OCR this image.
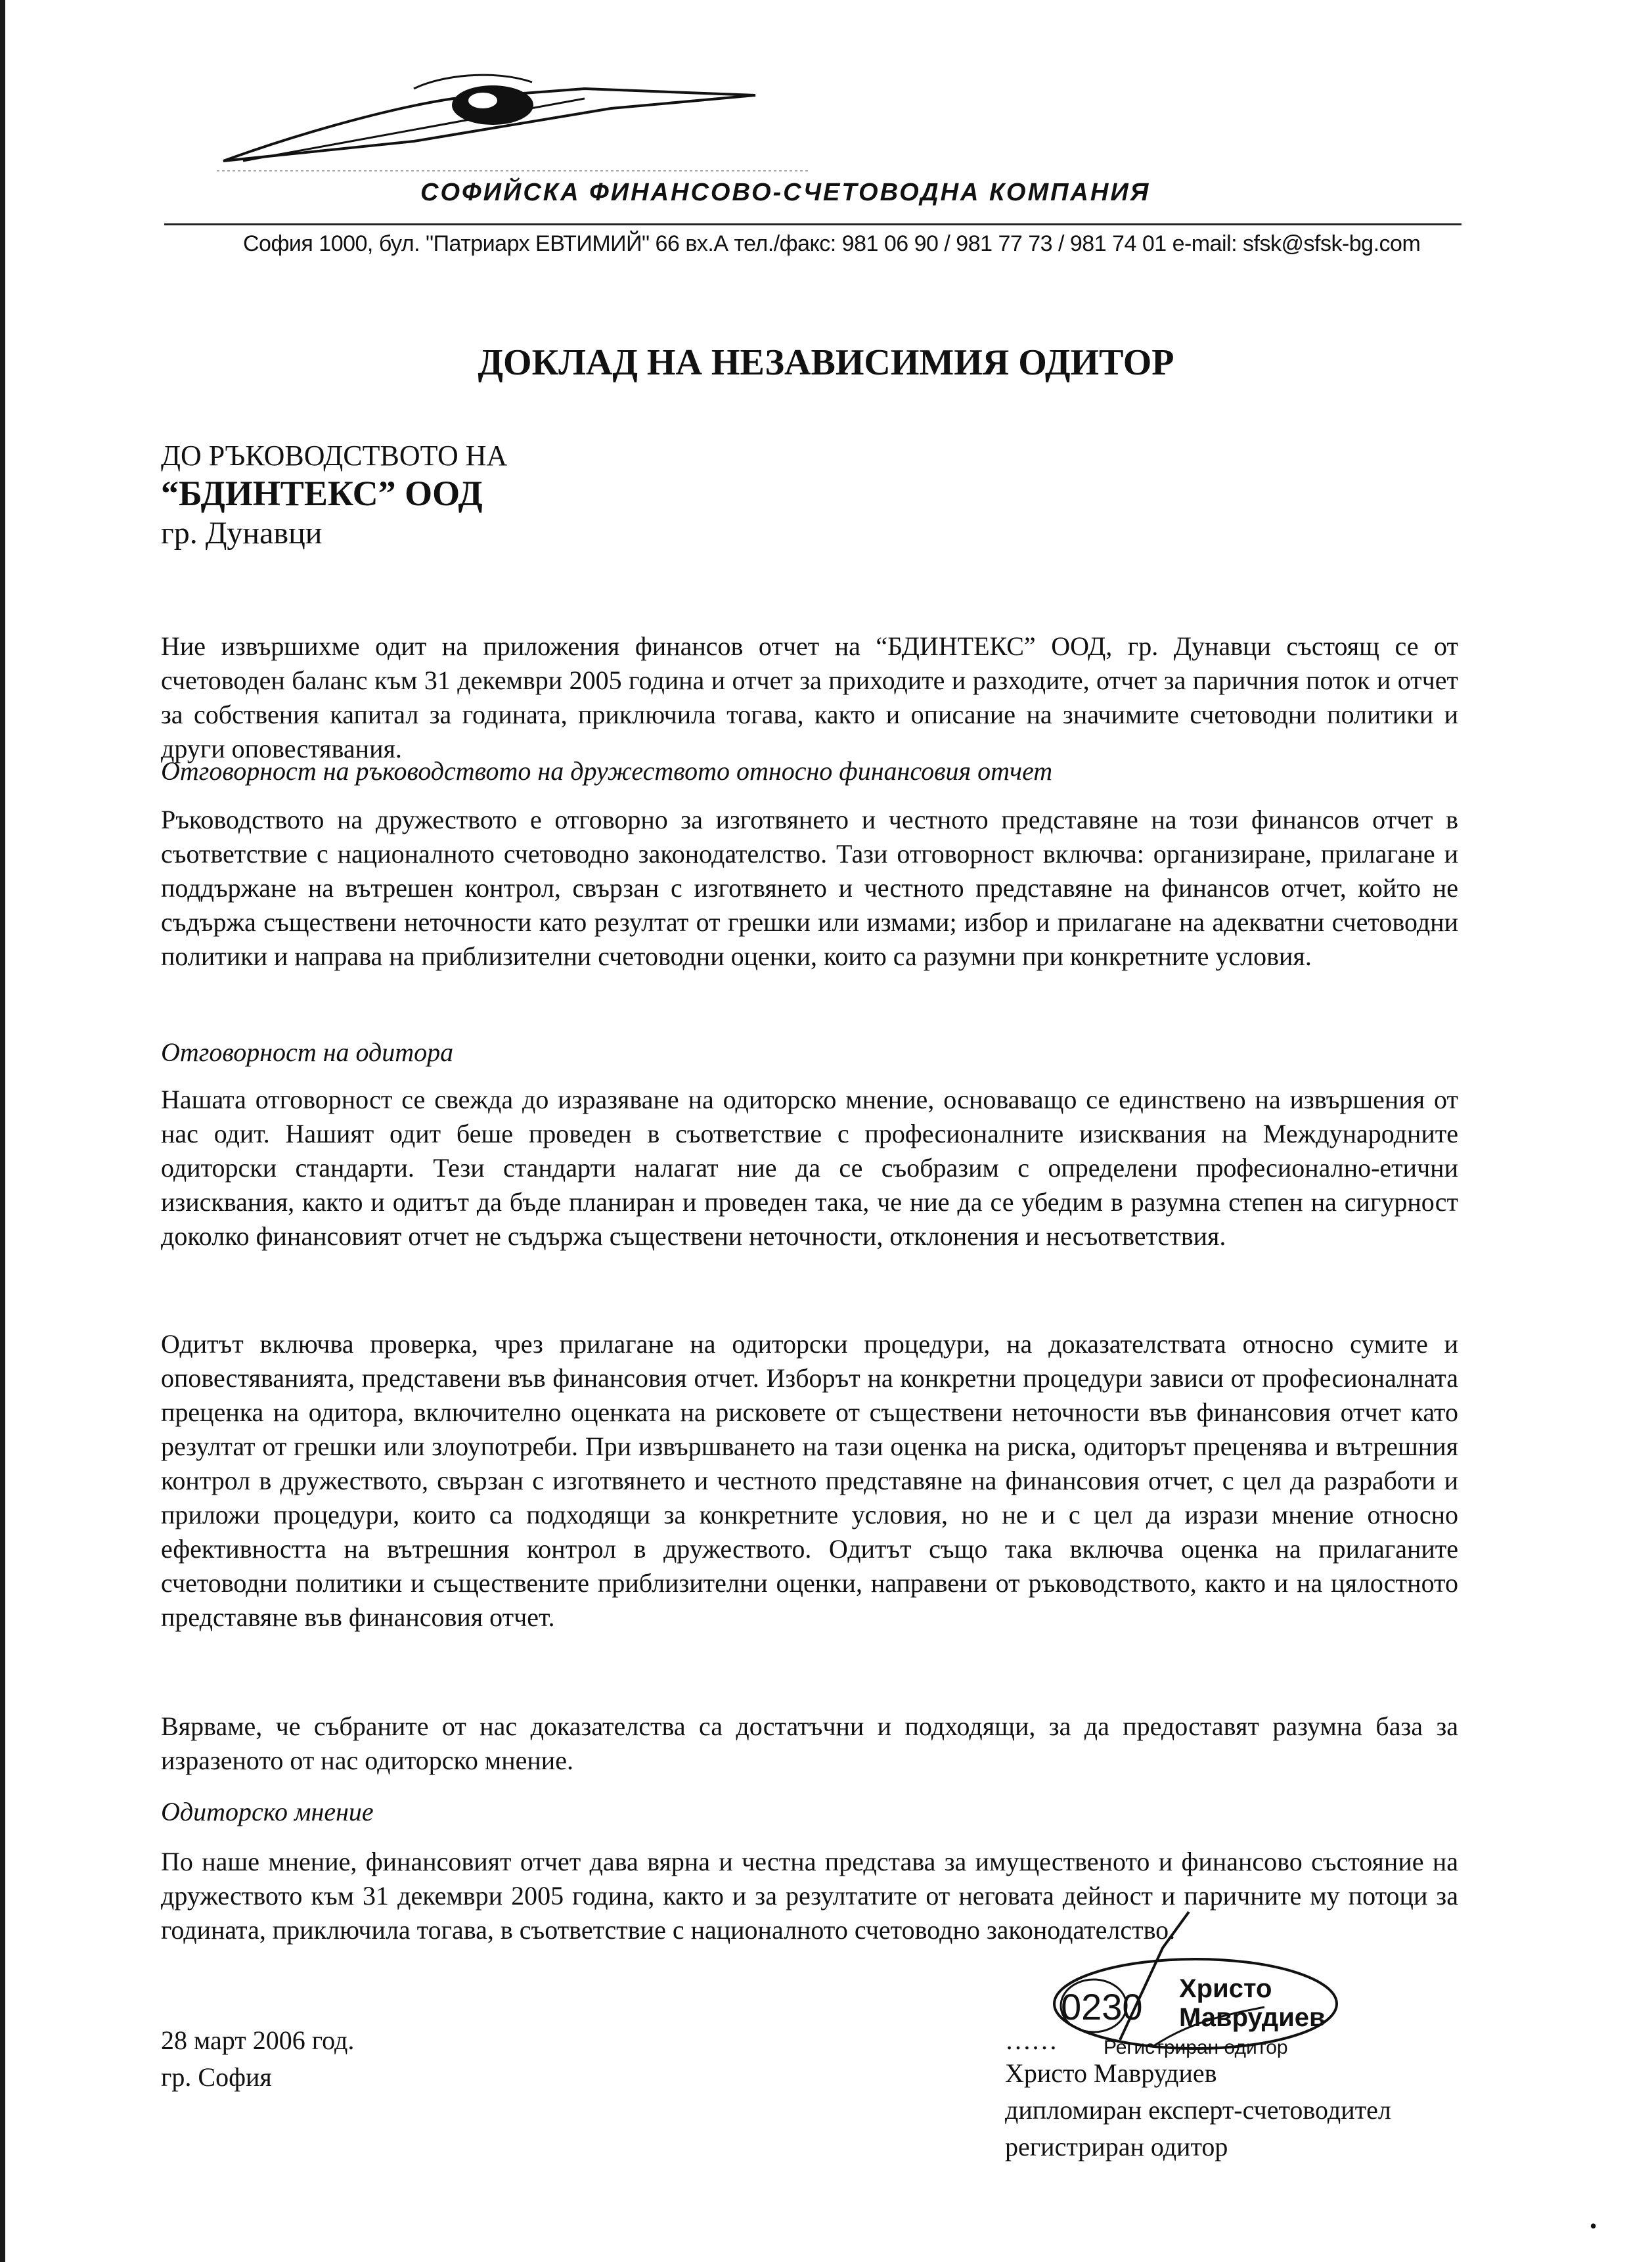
СОФИЙСКА ФИНАНСОВО-СЧЕТОВОДНА КОМПАНИЯ
София 1000, бул. "Патриарх ЕВТИМИЙ" 66 вх.А тел./факс: 981 06 90 / 981 77 73 / 981 74 01 e-mail: sfsk@sfsk-bg.com
ДОКЛАД НА НЕЗАВИСИМИЯ ОДИТОР
ДО РЪКОВОДСТВОТО НА
“БДИНТЕКС” ООД
гр. Дунавци

Ние извършихме одит на приложения финансов отчет на “БДИНТЕКС” ООД, гр. Дунавци състоящ се от счетоводен баланс към 31 декември 2005 година и отчет за приходите и разходите, отчет за паричния поток и отчет за собствения капитал за годината, приключила тогава, както и описание на значимите счетоводни политики и други оповестявания.

Отговорност на ръководството на дружеството относно финансовия отчет

Ръководството на дружеството е отговорно за изготвянето и честното представяне на този финансов отчет в съответствие с националното счетоводно законодателство. Тази отговорност включва: организиране, прилагане и поддържане на вътрешен контрол, свързан с изготвянето и честното представяне на финансов отчет, който не съдържа съществени неточности като резултат от грешки или измами; избор и прилагане на адекватни счетоводни политики и направа на приблизителни счетоводни оценки, които са разумни при конкретните условия.

Отговорност на одитора

Нашата отговорност се свежда до изразяване на одиторско мнение, основаващо се единствено на извършения от нас одит. Нашият одит беше проведен в съответствие с професионалните изисквания на Международните одиторски стандарти. Тези стандарти налагат ние да се съобразим с определени професионално-етични изисквания, както и одитът да бъде планиран и проведен така, че ние да се убедим в разумна степен на сигурност доколко финансовият отчет не съдържа съществени неточности, отклонения и несъответствия.

Одитът включва проверка, чрез прилагане на одиторски процедури, на доказателствата относно сумите и оповестяванията, представени във финансовия отчет. Изборът на конкретни процедури зависи от професионалната преценка на одитора, включително оценката на рисковете от съществени неточности във финансовия отчет като резултат от грешки или злоупотреби. При извършването на тази оценка на риска, одиторът преценява и вътрешния контрол в дружеството, свързан с изготвянето и честното представяне на финансовия отчет, с цел да разработи и приложи процедури, които са подходящи за конкретните условия, но не и с цел да изрази мнение относно ефективността на вътрешния контрол в дружеството. Одитът също така включва оценка на прилаганите счетоводни политики и съществените приблизителни оценки, направени от ръководството, както и на цялостното представяне във финансовия отчет.

Вярваме, че събраните от нас доказателства са достатъчни и подходящи, за да предоставят разумна база за изразеното от нас одиторско мнение.

Одиторско мнение

По наше мнение, финансовият отчет дава вярна и честна представа за имущественото и финансово състояние на дружеството към 31 декември 2005 година, както и за резултатите от неговата дейност и паричните му потоци за годината, приключила тогава, в съответствие с националното счетоводно законодателство.

28 март 2006 год.
гр. София
0230 Христо
Маврудиев
Регистриран одитор
……
Христо Маврудиев
дипломиран експерт-счетоводител
регистриран одитор
•
